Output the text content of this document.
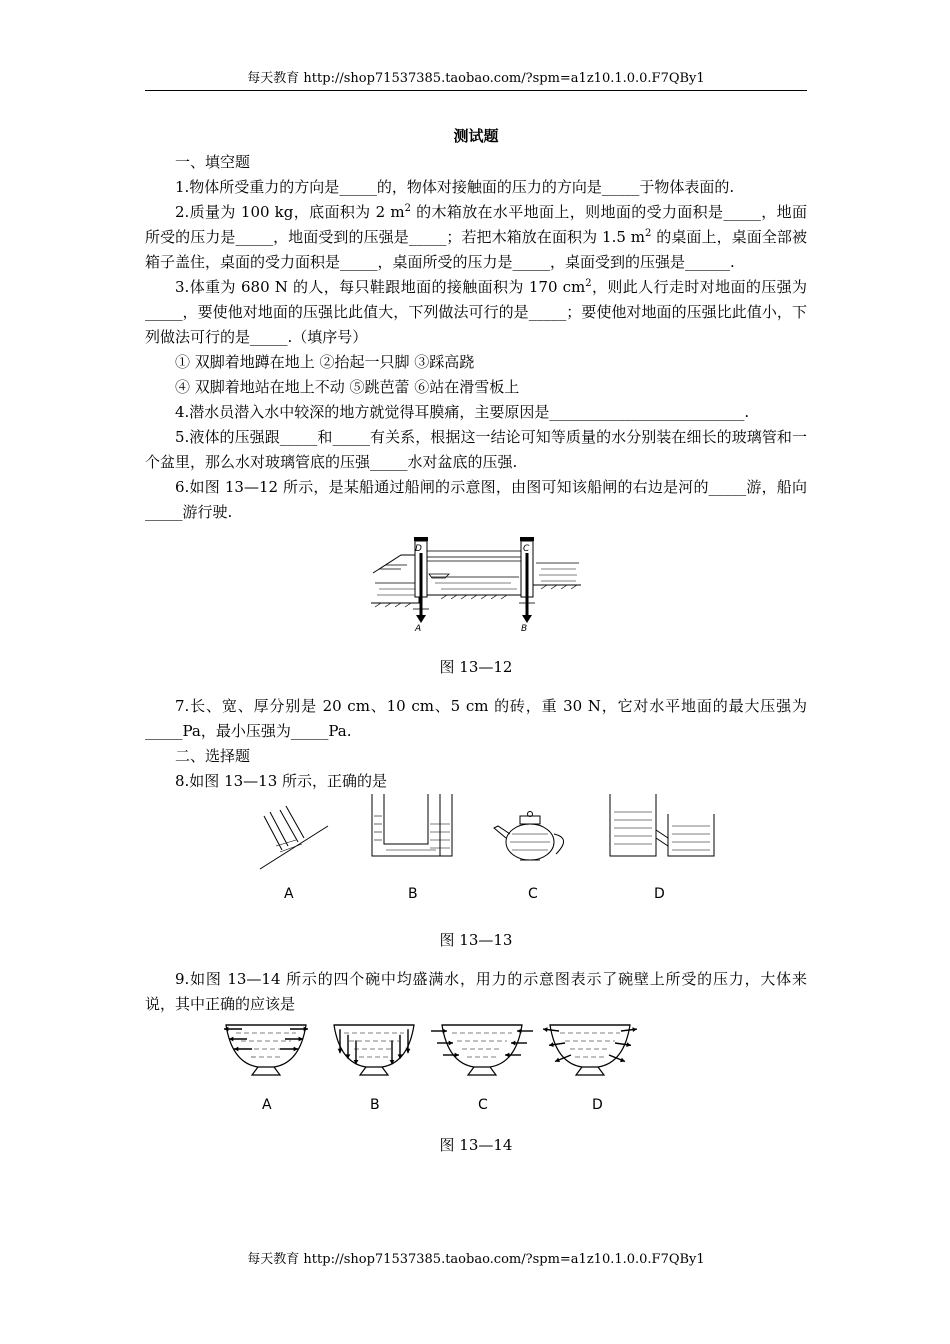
每天教育 http://shop71537385.taobao.com/?spm=a1z10.1.0.0.F7QBy1

测试题

一、填空题

1.物体所受重力的方向是_____的，物体对接触面的压力的方向是_____于物体表面的.

2.质量为 100 kg，底面积为 2 $m^2$ 的木箱放在水平地面上，则地面的受力面积是_____，地面所受的压力是_____，地面受到的压强是_____；若把木箱放在面积为 1.5 $m^2$ 的桌面上，桌面全部被箱子盖住，桌面的受力面积是_____，桌面所受的压力是_____，桌面受到的压强是______.

3.体重为 680 N 的人，每只鞋跟地面的接触面积为 170 $cm^2$，则此人行走时对地面的压强为_____，要使他对地面的压强比此值大，下列做法可行的是_____；要使他对地面的压强比此值小，下列做法可行的是_____.（填序号）

① 双脚着地蹲在地上 ②抬起一只脚 ③踩高跷

④ 双脚着地站在地上不动 ⑤跳芭蕾 ⑥站在滑雪板上

4.潜水员潜入水中较深的地方就觉得耳膜痛，主要原因是__________________________.

5.液体的压强跟_____和_____有关系，根据这一结论可知等质量的水分别装在细长的玻璃管和一个盆里，那么水对玻璃管底的压强_____水对盆底的压强.

6.如图 13—12 所示，是某船通过船闸的示意图，由图可知该船闸的右边是河的_____游，船向_____游行驶.

D	C
A	B

图 13—12

7.长、宽、厚分别是 20 cm、10 cm、5 cm 的砖，重 30 N，它对水平地面的最大压强为_____Pa，最小压强为_____Pa.

二、选择题

8.如图 13—13 所示，正确的是

A	B	C	D

图 13—13

9.如图 13—14 所示的四个碗中均盛满水，用力的示意图表示了碗壁上所受的压力，大体来说，其中正确的应该是

A	B	C	D

图 13—14

每天教育 http://shop71537385.taobao.com/?spm=a1z10.1.0.0.F7QBy1
